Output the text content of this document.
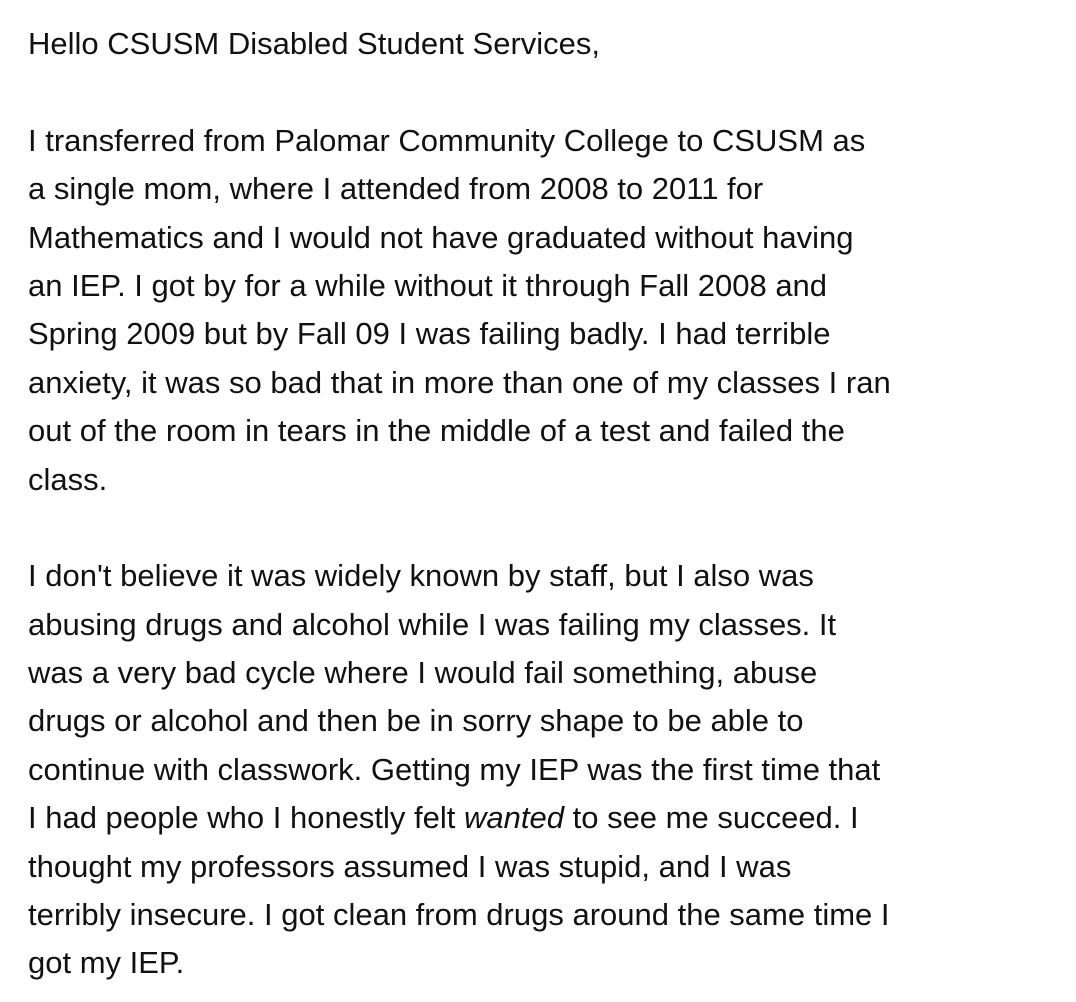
Hello CSUSM Disabled Student Services,
I transferred from Palomar Community College to CSUSM as
a single mom, where I attended from 2008 to 2011 for
Mathematics and I would not have graduated without having
an IEP. I got by for a while without it through Fall 2008 and
Spring 2009 but by Fall 09 I was failing badly. I had terrible
anxiety, it was so bad that in more than one of my classes I ran
out of the room in tears in the middle of a test and failed the
class.
I don't believe it was widely known by staff, but I also was
abusing drugs and alcohol while I was failing my classes. It
was a very bad cycle where I would fail something, abuse
drugs or alcohol and then be in sorry shape to be able to
continue with classwork. Getting my IEP was the first time that
I had people who I honestly felt wanted to see me succeed. I
thought my professors assumed I was stupid, and I was
terribly insecure. I got clean from drugs around the same time I
got my IEP.
